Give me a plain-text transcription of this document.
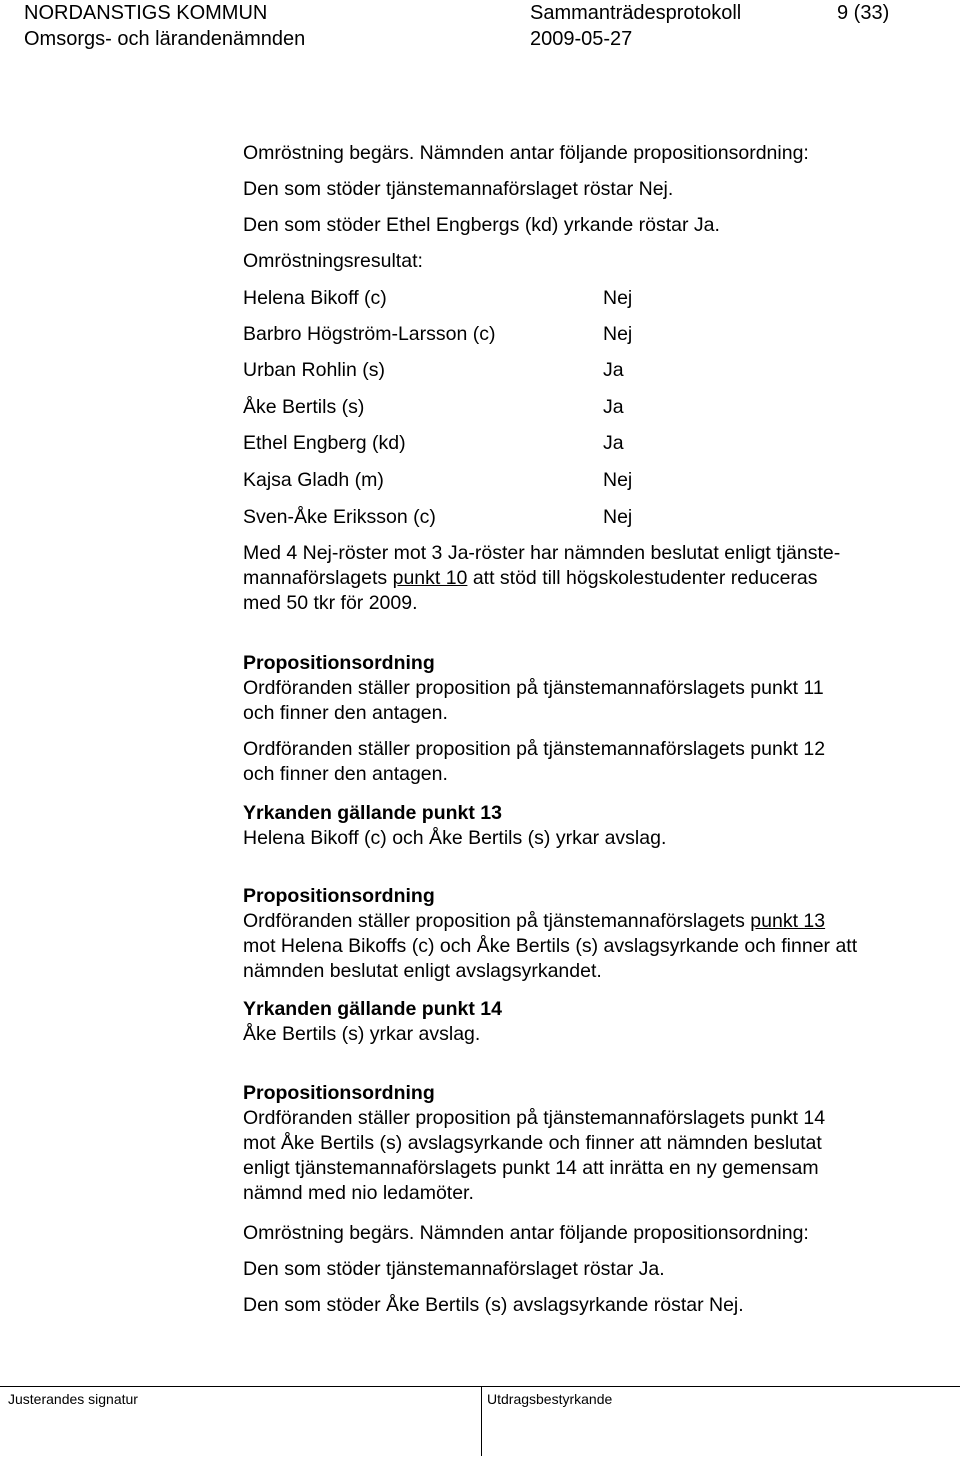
NORDANSTIGS KOMMUN
Omsorgs- och lärandenämnden
Sammanträdesprotokoll
2009-05-27
9 (33)
Omröstning begärs. Nämnden antar följande propositionsordning:
Den som stöder tjänstemannaförslaget röstar Nej.
Den som stöder Ethel Engbergs (kd) yrkande röstar Ja.
Omröstningsresultat:
Helena Bikoff (c)	Nej
Barbro Högström-Larsson (c)	Nej
Urban Rohlin (s)	Ja
Åke Bertils (s)	Ja
Ethel Engberg (kd)	Ja
Kajsa Gladh (m)	Nej
Sven-Åke Eriksson (c)	Nej

Med 4 Nej-röster mot 3 Ja-röster har nämnden beslutat enligt tjänste-

mannaförslagets punkt 10 att stöd till högskolestudenter reduceras

med 50 tkr för 2009.

Propositionsordning

Ordföranden ställer proposition på tjänstemannaförslagets punkt 11

och finner den antagen.

Ordföranden ställer proposition på tjänstemannaförslagets punkt 12

och finner den antagen.

Yrkanden gällande punkt 13

Helena Bikoff (c) och Åke Bertils (s) yrkar avslag.

Propositionsordning

Ordföranden ställer proposition på tjänstemannaförslagets punkt 13

mot Helena Bikoffs (c) och Åke Bertils (s) avslagsyrkande och finner att

nämnden beslutat enligt avslagsyrkandet.

Yrkanden gällande punkt 14

Åke Bertils (s) yrkar avslag.

Propositionsordning

Ordföranden ställer proposition på tjänstemannaförslagets punkt 14

mot Åke Bertils (s) avslagsyrkande och finner att nämnden beslutat

enligt tjänstemannaförslagets punkt 14 att inrätta en ny gemensam

nämnd med nio ledamöter.

Omröstning begärs. Nämnden antar följande propositionsordning:
Den som stöder tjänstemannaförslaget röstar Ja.
Den som stöder Åke Bertils (s) avslagsyrkande röstar Nej.
Justerandes signatur	Utdragsbestyrkande
